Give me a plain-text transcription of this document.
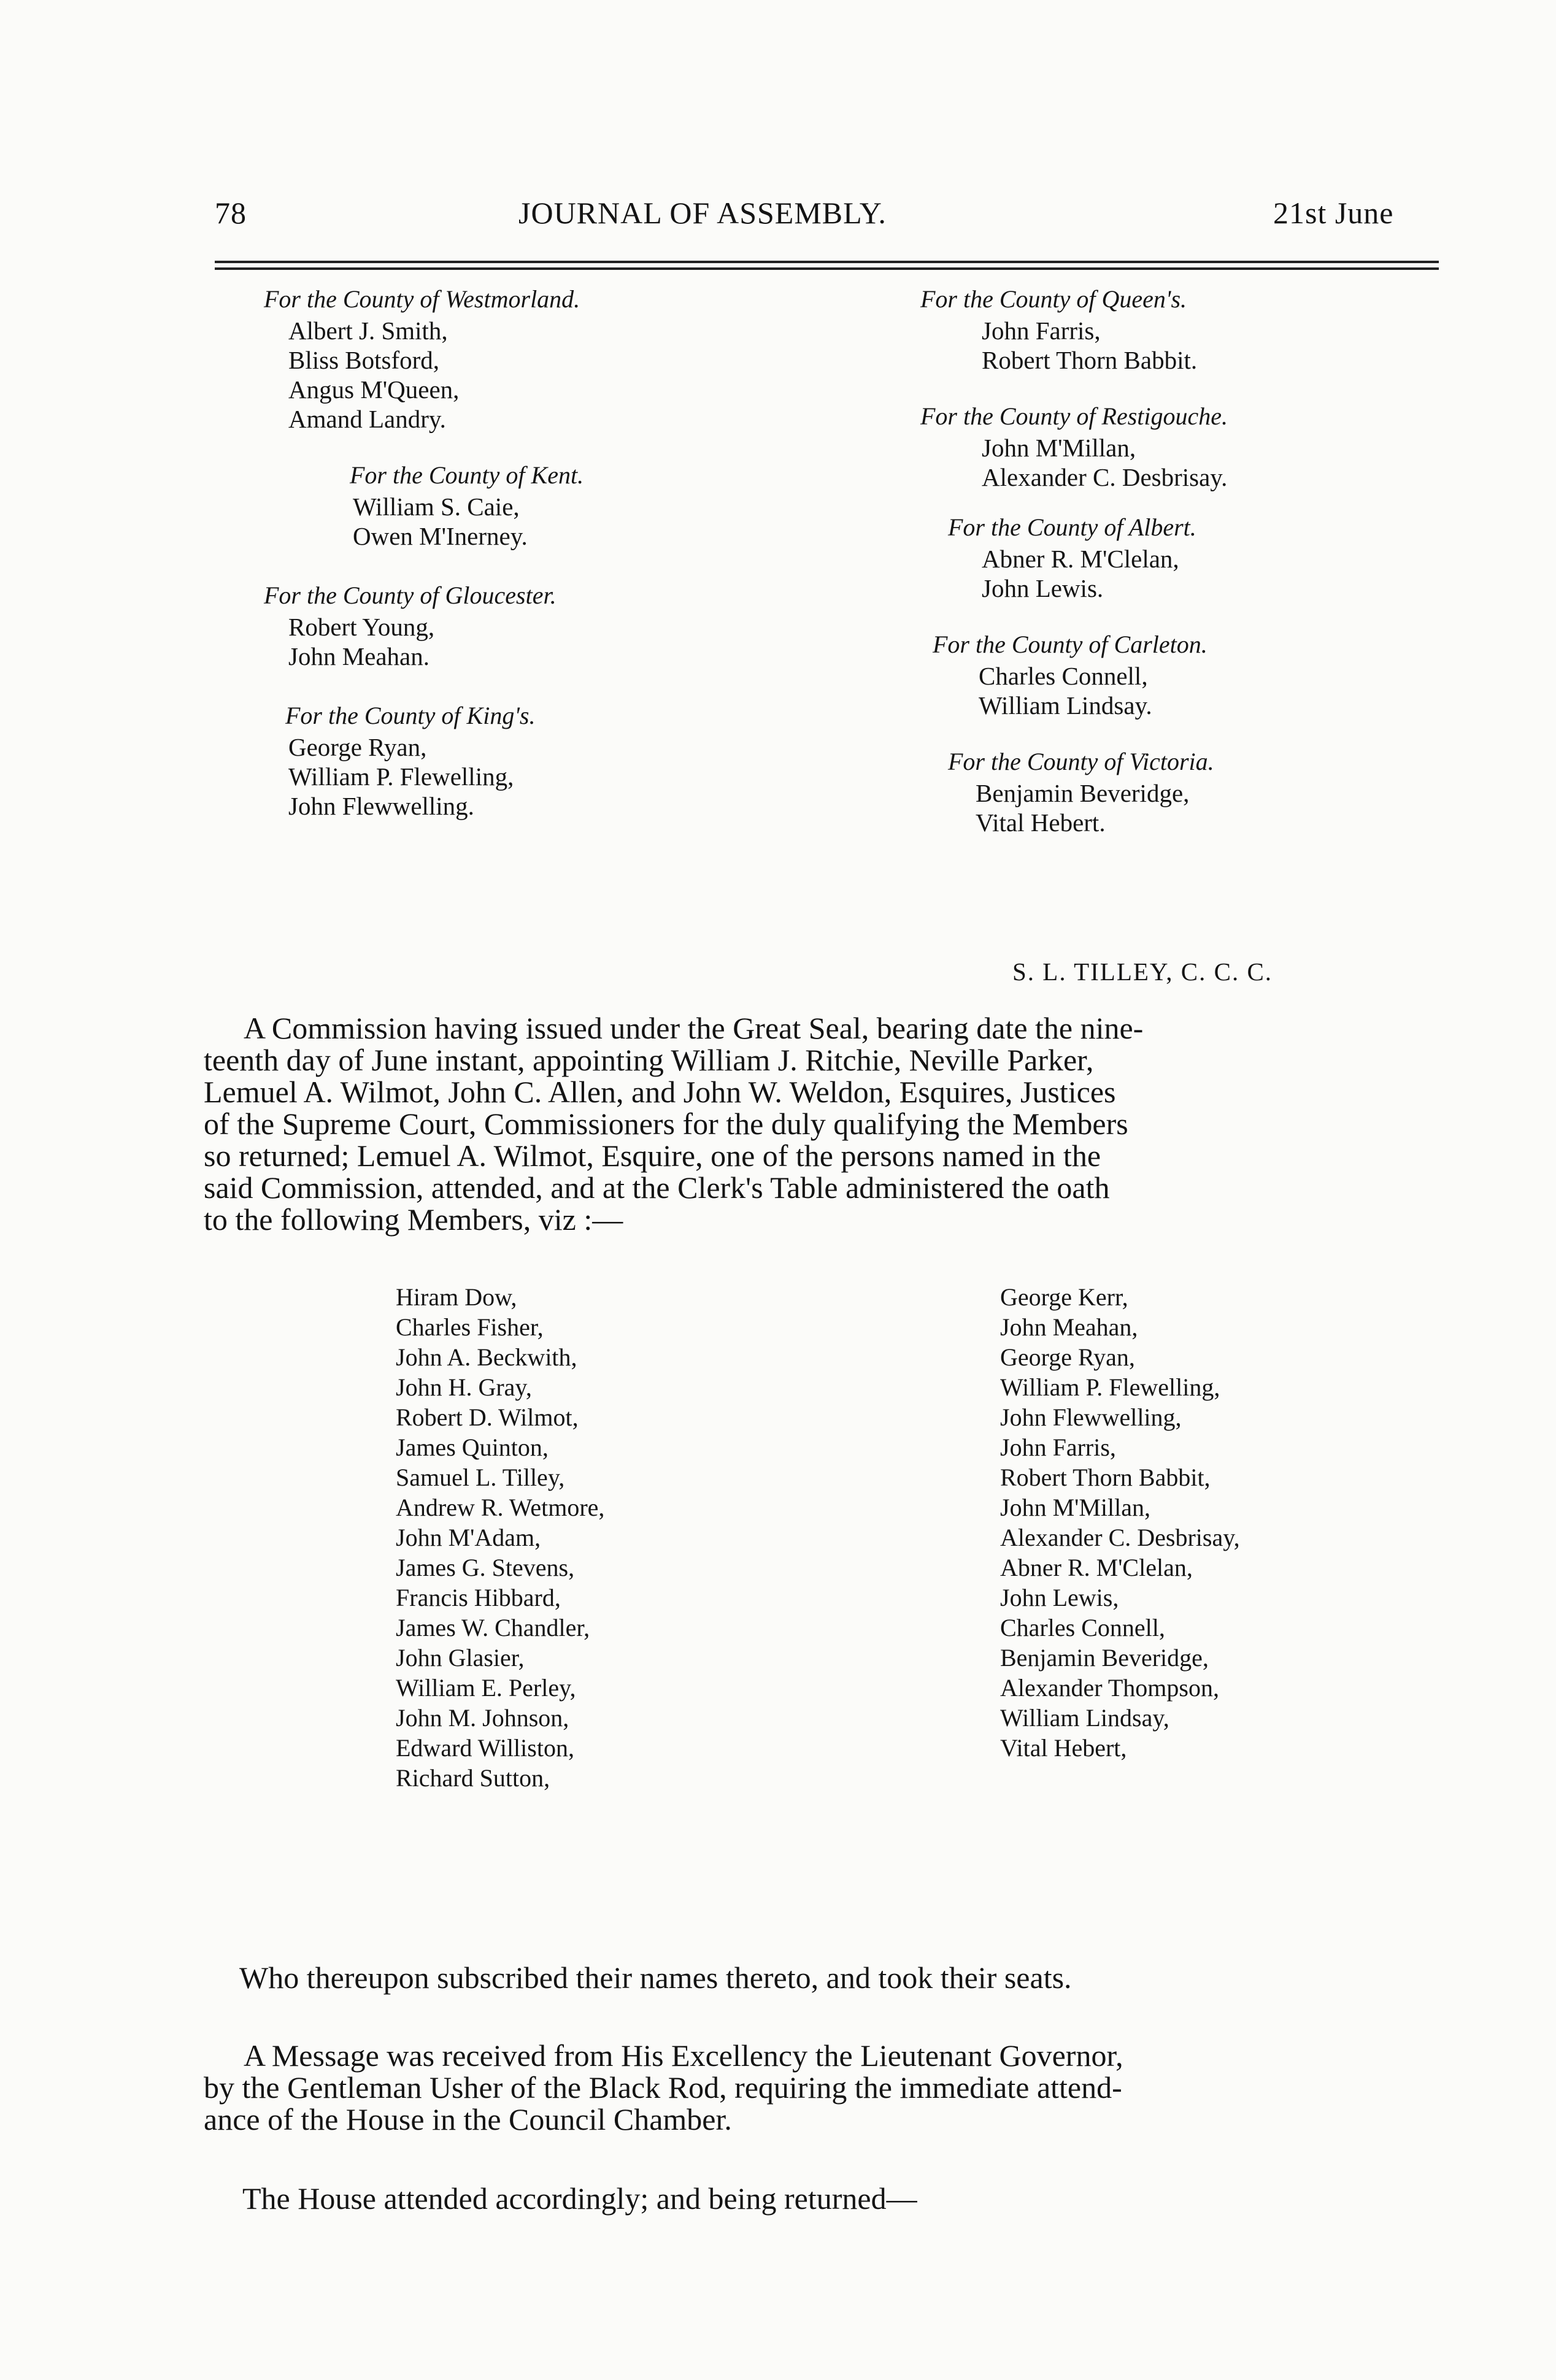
78	JOURNAL OF ASSEMBLY.	21st June
For the County of Westmorland.
Albert J. Smith,
Bliss Botsford,
Angus M'Queen,
Amand Landry.
For the County of Kent.
William S. Caie,
Owen M'Inerney.
For the County of Gloucester.
Robert Young,
John Meahan.
For the County of King's.
George Ryan,
William P. Flewelling,
John Flewwelling.
For the County of Queen's.
John Farris,
Robert Thorn Babbit.
For the County of Restigouche.
John M'Millan,
Alexander C. Desbrisay.
For the County of Albert.
Abner R. M'Clelan,
John Lewis.
For the County of Carleton.
Charles Connell,
William Lindsay.
For the County of Victoria.
Benjamin Beveridge,
Vital Hebert.
S. L. TILLEY, C. C. C.
A Commission having issued under the Great Seal, bearing date the nine-
teenth day of June instant, appointing William J. Ritchie, Neville Parker,
Lemuel A. Wilmot, John C. Allen, and John W. Weldon, Esquires, Justices
of the Supreme Court, Commissioners for the duly qualifying the Members
so returned; Lemuel A. Wilmot, Esquire, one of the persons named in the
said Commission, attended, and at the Clerk's Table administered the oath
to the following Members, viz :—
Hiram Dow,
Charles Fisher,
John A. Beckwith,
John H. Gray,
Robert D. Wilmot,
James Quinton,
Samuel L. Tilley,
Andrew R. Wetmore,
John M'Adam,
James G. Stevens,
Francis Hibbard,
James W. Chandler,
John Glasier,
William E. Perley,
John M. Johnson,
Edward Williston,
Richard Sutton,
George Kerr,
John Meahan,
George Ryan,
William P. Flewelling,
John Flewwelling,
John Farris,
Robert Thorn Babbit,
John M'Millan,
Alexander C. Desbrisay,
Abner R. M'Clelan,
John Lewis,
Charles Connell,
Benjamin Beveridge,
Alexander Thompson,
William Lindsay,
Vital Hebert,
Who thereupon subscribed their names thereto, and took their seats.
A Message was received from His Excellency the Lieutenant Governor,
by the Gentleman Usher of the Black Rod, requiring the immediate attend-
ance of the House in the Council Chamber.
The House attended accordingly; and being returned—
